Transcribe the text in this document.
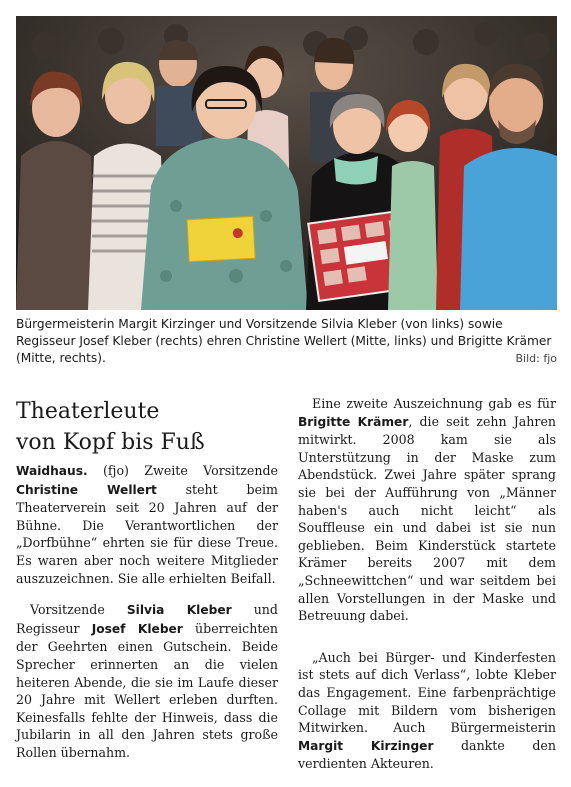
Bürgermeisterin Margit Kirzinger und Vorsitzende Silvia Kleber (von links) sowie Regisseur Josef Kleber (rechts) ehren Christine Wellert (Mitte, links) und Brigitte Krämer (Mitte, rechts).	Bild: fjo
Theaterleute
von Kopf bis Fuß

Waidhaus. (fjo) Zweite Vorsitzende Christine Wellert steht beim Theaterverein seit 20 Jahren auf der Bühne. Die Verantwortlichen der „Dorfbühne“ ehrten sie für diese Treue. Es waren aber noch weitere Mitglieder auszuzeichnen. Sie alle erhielten Beifall.

Vorsitzende Silvia Kleber und Regisseur Josef Kleber überreichten der Geehrten einen Gutschein. Beide Sprecher erinnerten an die vielen heiteren Abende, die sie im Laufe dieser 20 Jahre mit Wellert erleben durften. Keinesfalls fehlte der Hinweis, dass die Jubilarin in all den Jahren stets große Rollen übernahm.

Eine zweite Auszeichnung gab es für Brigitte Krämer, die seit zehn Jahren mitwirkt. 2008 kam sie als Unterstützung in der Maske zum Abendstück. Zwei Jahre später sprang sie bei der Aufführung von „Männer haben's auch nicht leicht“ als Souffleuse ein und dabei ist sie nun geblieben. Beim Kinderstück startete Krämer bereits 2007 mit dem „Schneewittchen“ und war seitdem bei allen Vorstellungen in der Maske und Betreuung dabei.

„Auch bei Bürger- und Kinderfesten ist stets auf dich Verlass“, lobte Kleber das Engagement. Eine farbenprächtige Collage mit Bildern vom bisherigen Mitwirken. Auch Bürgermeisterin Margit Kirzinger dankte den verdienten Akteuren.
